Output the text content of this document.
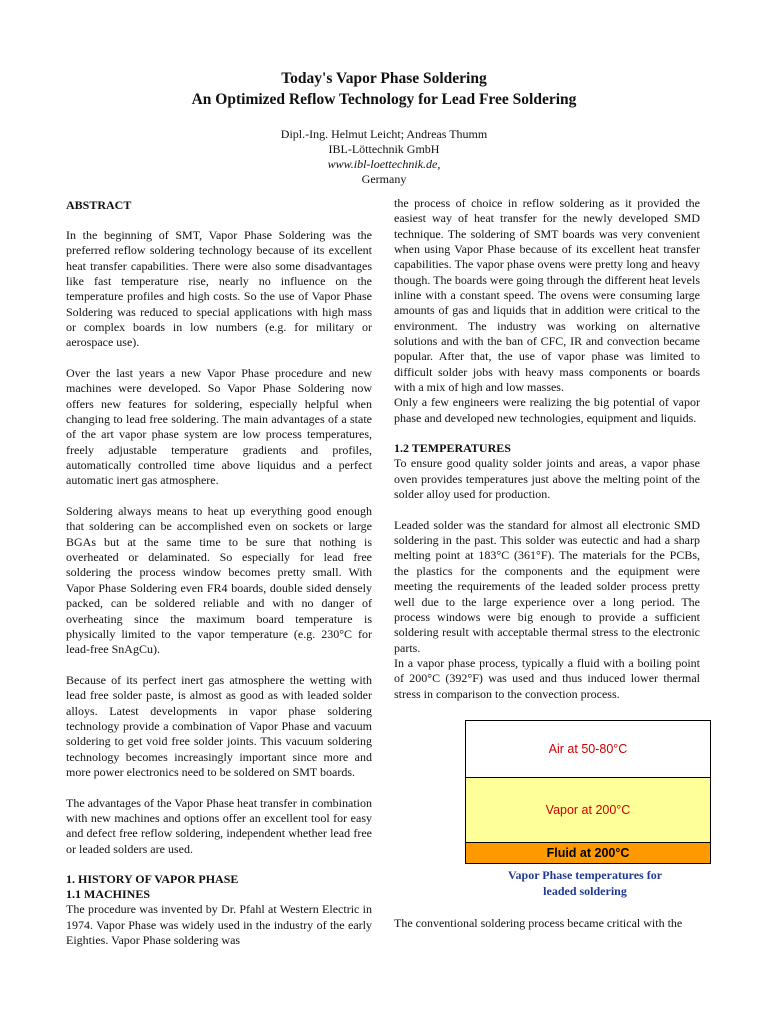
Today's Vapor Phase Soldering
An Optimized Reflow Technology for Lead Free Soldering
Dipl.-Ing. Helmut Leicht; Andreas Thumm
IBL-Löttechnik GmbH
www.ibl-loettechnik.de,
Germany
ABSTRACT

In the beginning of SMT, Vapor Phase Soldering was the preferred reflow soldering technology because of its excellent heat transfer capabilities. There were also some disadvantages like fast temperature rise, nearly no influence on the temperature profiles and high costs. So the use of Vapor Phase Soldering was reduced to special applications with high mass or complex boards in low numbers (e.g. for military or aerospace use).

Over the last years a new Vapor Phase procedure and new machines were developed. So Vapor Phase Soldering now offers new features for soldering, especially helpful when changing to lead free soldering. The main advantages of a state of the art vapor phase system are low process temperatures, freely adjustable temperature gradients and profiles, automatically controlled time above liquidus and a perfect automatic inert gas atmosphere.

Soldering always means to heat up everything good enough that soldering can be accomplished even on sockets or large BGAs but at the same time to be sure that nothing is overheated or delaminated. So especially for lead free soldering the process window becomes pretty small. With Vapor Phase Soldering even FR4 boards, double sided densely packed, can be soldered reliable and with no danger of overheating since the maximum board temperature is physically limited to the vapor temperature (e.g. 230°C for lead-free SnAgCu).

Because of its perfect inert gas atmosphere the wetting with lead free solder paste, is almost as good as with leaded solder alloys. Latest developments in vapor phase soldering technology provide a combination of Vapor Phase and vacuum soldering to get void free solder joints. This vacuum soldering technology becomes increasingly important since more and more power electronics need to be soldered on SMT boards.

The advantages of the Vapor Phase heat transfer in combination with new machines and options offer an excellent tool for easy and defect free reflow soldering, independent whether lead free or leaded solders are used.

1. HISTORY OF VAPOR PHASE
1.1 MACHINES

The procedure was invented by Dr. Pfahl at Western Electric in 1974. Vapor Phase was widely used in the industry of the early Eighties. Vapor Phase soldering was

the process of choice in reflow soldering as it provided the easiest way of heat transfer for the newly developed SMD technique. The soldering of SMT boards was very convenient when using Vapor Phase because of its excellent heat transfer capabilities. The vapor phase ovens were pretty long and heavy though. The boards were going through the different heat levels inline with a constant speed. The ovens were consuming large amounts of gas and liquids that in addition were critical to the environment. The industry was working on alternative solutions and with the ban of CFC, IR and convection became popular. After that, the use of vapor phase was limited to difficult solder jobs with heavy mass components or boards with a mix of high and low masses.

Only a few engineers were realizing the big potential of vapor phase and developed new technologies, equipment and liquids.

1.2 TEMPERATURES

To ensure good quality solder joints and areas, a vapor phase oven provides temperatures just above the melting point of the solder alloy used for production.

Leaded solder was the standard for almost all electronic SMD soldering in the past. This solder was eutectic and had a sharp melting point at 183°C (361°F). The materials for the PCBs, the plastics for the components and the equipment were meeting the requirements of the leaded solder process pretty well due to the large experience over a long period. The process windows were big enough to provide a sufficient soldering result with acceptable thermal stress to the electronic parts.

In a vapor phase process, typically a fluid with a boiling point of 200°C (392°F) was used and thus induced lower thermal stress in comparison to the convection process.

Air at 50-80°C
Vapor at 200°C
Fluid at 200°C
Vapor Phase temperatures for
leaded soldering

The conventional soldering process became critical with the
